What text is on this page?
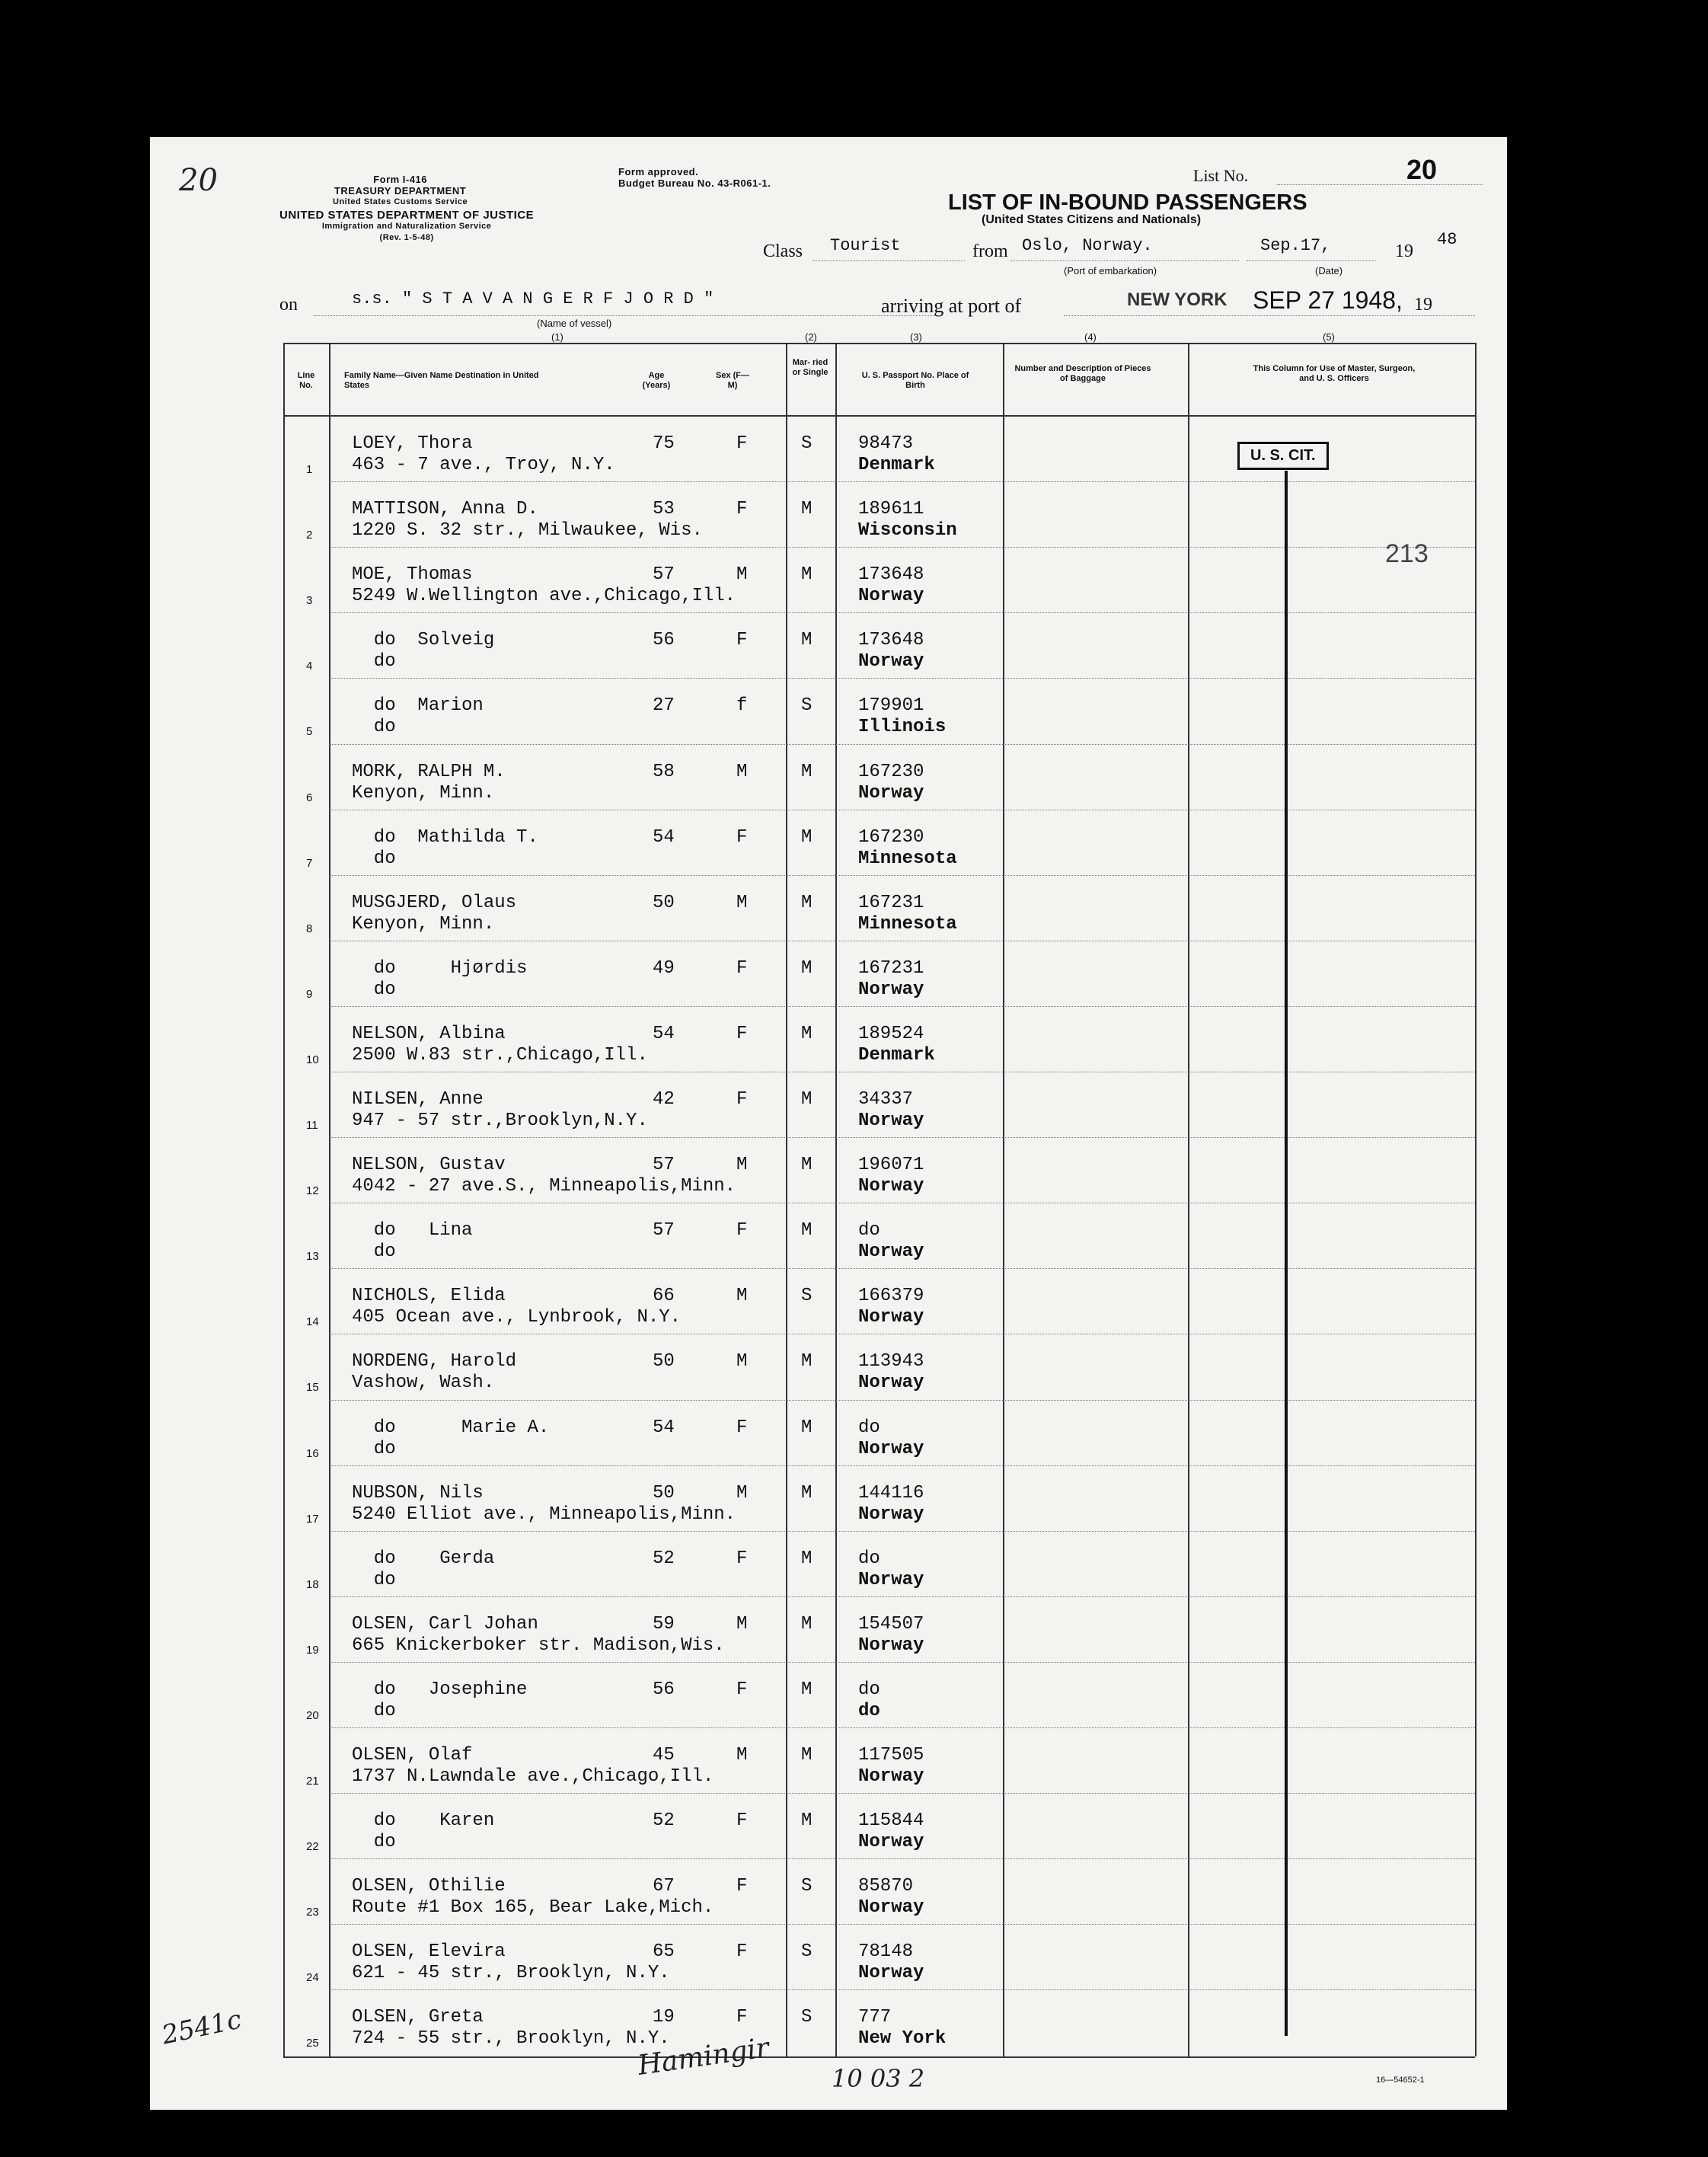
20	Form I-416
TREASURY DEPARTMENT
United States Customs Service
Form approved.
Budget Bureau No. 43-R061-1.
UNITED STATES DEPARTMENT OF JUSTICE
Immigration and Naturalization Service
(Rev. 1-5-48)
List No.	20
LIST OF IN-BOUND PASSENGERS
(United States Citizens and Nationals)
Class Tourist	from Oslo, Norway.
(Port of embarkation)
Sep.17,
(Date)
19
48
on	s.s. " S T A V A N G E R F J O R D "
(Name of vessel)
arriving at port of	NEW YORK SEP 27 1948, 19
(1)	(2)	(3)	(4)	(5)
Line No.
Family Name—Given Name Destination in United States
Age (Years)
Sex (F—M)
Mar- ried or Single	U. S. Passport No. Place of Birth
Number and Description of Pieces of Baggage
This Column for Use of Master, Surgeon, and U. S. Officers
1
LOEY, Thora
463 - 7 ave., Troy, N.Y.
75	F	S	98473
Denmark
2
MATTISON, Anna D.
1220 S. 32 str., Milwaukee, Wis.
53	F	M	189611
Wisconsin
3
MOE, Thomas
5249 W.Wellington ave.,Chicago,Ill.
57	M	M	173648
Norway
4
do  Solveig
do
56	F	M	173648
Norway
5
do  Marion
do
27	f	S	179901
Illinois
6
MORK, RALPH M.
Kenyon, Minn.
58	M	M	167230
Norway
7
do  Mathilda T.
do
54	F	M	167230
Minnesota
8
MUSGJERD, Olaus
Kenyon, Minn.
50	M	M	167231
Minnesota
9
do     Hjørdis
do
49	F	M	167231
Norway
10
NELSON, Albina
2500 W.83 str.,Chicago,Ill.
54	F	M	189524
Denmark
11
NILSEN, Anne
947 - 57 str.,Brooklyn,N.Y.
42	F	M	34337
Norway
12
NELSON, Gustav
4042 - 27 ave.S., Minneapolis,Minn.
57	M	M	196071
Norway
13
do   Lina
do
57	F	M	do
Norway
14
NICHOLS, Elida
405 Ocean ave., Lynbrook, N.Y.
66	M	S	166379
Norway
15
NORDENG, Harold
Vashow, Wash.
50	M	M	113943
Norway
16
do      Marie A.
do
54	F	M	do
Norway
17
NUBSON, Nils
5240 Elliot ave., Minneapolis,Minn.
50	M	M	144116
Norway
18
do    Gerda
do
52	F	M	do
Norway
19
OLSEN, Carl Johan
665 Knickerboker str. Madison,Wis.
59	M	M	154507
Norway
20
do   Josephine
do
56	F	M	do
do
21
OLSEN, Olaf
1737 N.Lawndale ave.,Chicago,Ill.
45	M	M	117505
Norway
22
do    Karen
do
52	F	M	115844
Norway
23
OLSEN, Othilie
Route #1 Box 165, Bear Lake,Mich.
67	F	S	85870
Norway
24
OLSEN, Elevira
621 - 45 str., Brooklyn, N.Y.
65	F	S	78148
Norway
25
OLSEN, Greta
724 - 55 str., Brooklyn, N.Y.
19	F	S	777
New York
U. S. CIT.
213
2541c
Hamingir 10 03 2	16—54652-1
